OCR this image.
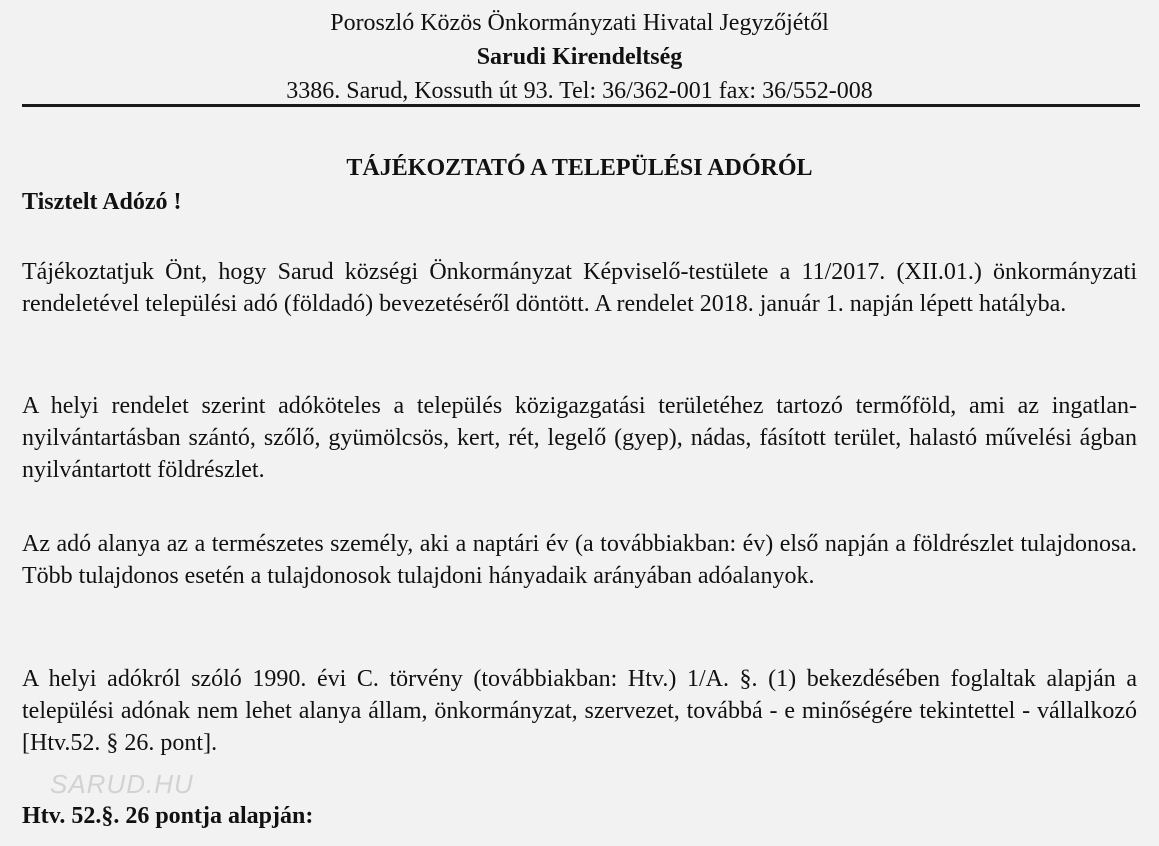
Poroszló Közös Önkormányzati Hivatal Jegyzőjétől
Sarudi Kirendeltség
3386. Sarud, Kossuth út 93. Tel: 36/362-001 fax: 36/552-008
TÁJÉKOZTATÓ A TELEPÜLÉSI ADÓRÓL
Tisztelt Adózó !
Tájékoztatjuk Önt, hogy Sarud községi Önkormányzat Képviselő-testülete a 11/2017. (XII.01.) önkormányzati rendeletével települési adó (földadó) bevezetéséről döntött. A rendelet 2018. január 1. napján lépett hatályba.
A helyi rendelet szerint adóköteles a település közigazgatási területéhez tartozó termőföld, ami az ingatlan-nyilvántartásban szántó, szőlő, gyümölcsös, kert, rét, legelő (gyep), nádas, fásított terület, halastó művelési ágban nyilvántartott földrészlet.
Az adó alanya az a természetes személy, aki a naptári év (a továbbiakban: év) első napján a földrészlet tulajdonosa. Több tulajdonos esetén a tulajdonosok tulajdoni hányadaik arányában adóalanyok.
A helyi adókról szóló 1990. évi C. törvény (továbbiakban: Htv.) 1/A. §. (1) bekezdésében foglaltak alapján a települési adónak nem lehet alanya állam, önkormányzat, szervezet, továbbá - e minőségére tekintettel - vállalkozó [Htv.52. § 26. pont].
SARUD.HU
Htv. 52.§. 26 pontja alapján:
